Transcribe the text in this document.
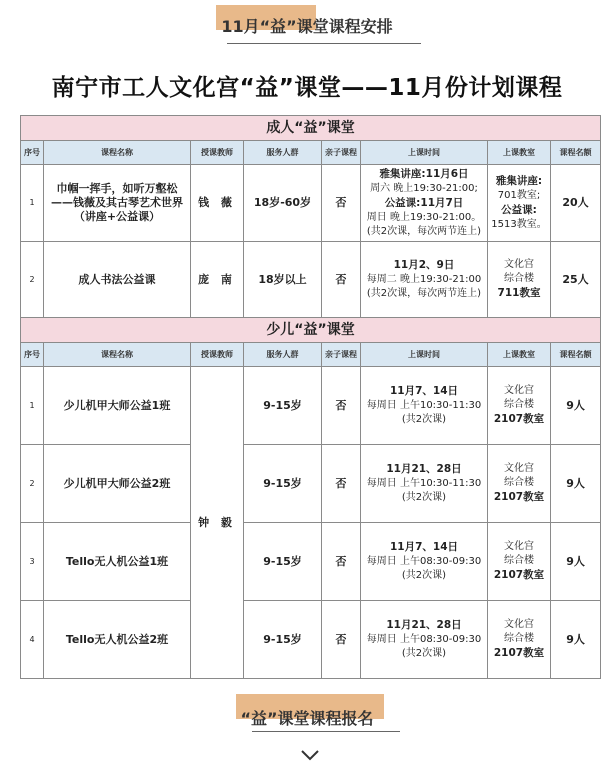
11月“益”课堂课程安排
南宁市工人文化宫“益”课堂——11月份计划课程
成人“益”课堂							
序号	课程名称	授课教师	服务人群	亲子课程	上课时间	上课教室	课程名额
1	巾帼一挥手，如听万壑松
——钱薇及其古琴艺术世界
（讲座+公益课）	钱 薇	18岁-60岁	否	雅集讲座:11月6日
周六 晚上19:30-21:00;
公益课:11月7日
周日 晚上19:30-21:00。
(共2次课，每次两节连上)	雅集讲座:
701教室;
公益课:
1513教室。	20人
2	成人书法公益课	庞 南	18岁以上	否	11月2、9日
每周二 晚上19:30-21:00
(共2次课，每次两节连上)	文化宫
综合楼
711教室	25人
少儿“益”课堂							
序号	课程名称	授课教师	服务人群	亲子课程	上课时间	上课教室	课程名额
1	少儿机甲大师公益1班	钟 毅	9-15岁	否	11月7、14日
每周日 上午10:30-11:30
(共2次课)	文化宫
综合楼
2107教室	9人
2	少儿机甲大师公益2班		9-15岁	否	11月21、28日
每周日 上午10:30-11:30
(共2次课)	文化宫
综合楼
2107教室	9人
3	Tello无人机公益1班		9-15岁	否	11月7、14日
每周日 上午08:30-09:30
(共2次课)	文化宫
综合楼
2107教室	9人
4	Tello无人机公益2班		9-15岁	否	11月21、28日
每周日 上午08:30-09:30
(共2次课)	文化宫
综合楼
2107教室	9人
“益”课堂课程报名
